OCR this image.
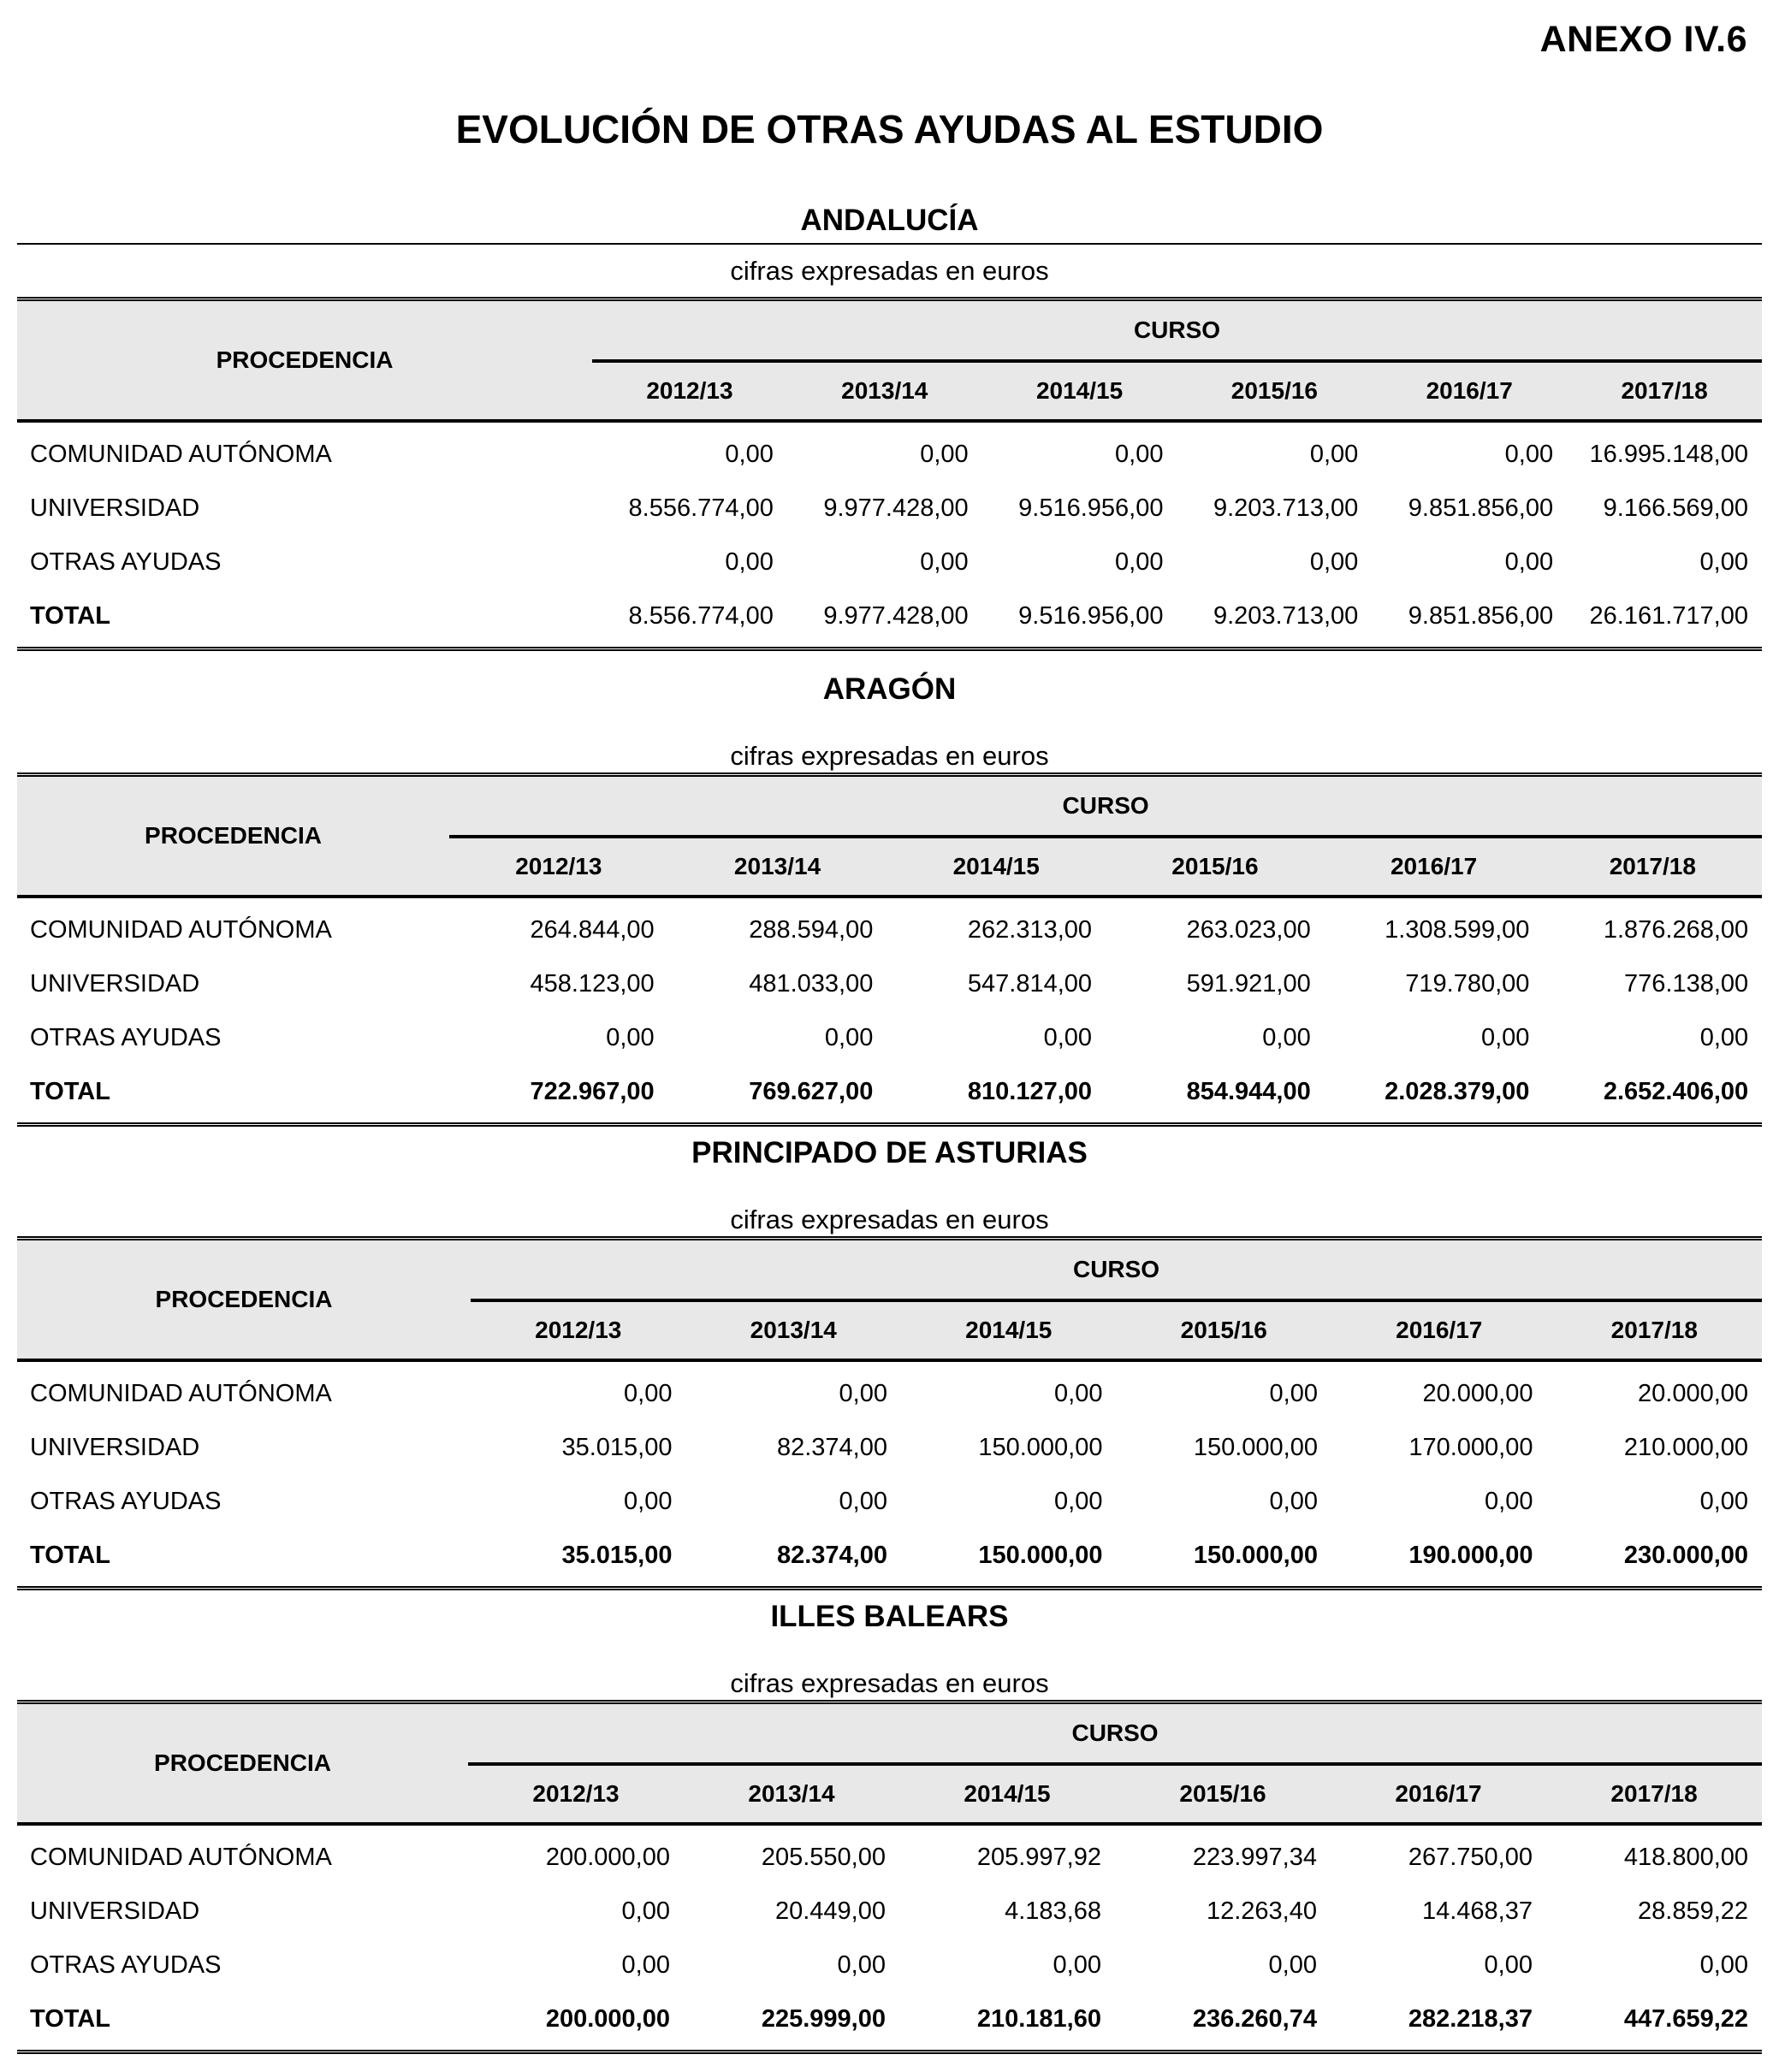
ANEXO IV.6
EVOLUCIÓN DE OTRAS AYUDAS AL ESTUDIO
ANDALUCÍA
cifras expresadas en euros
PROCEDENCIA	CURSO					
	2012/13	2013/14	2014/15	2015/16	2016/17	2017/18
COMUNIDAD AUTÓNOMA	0,00	0,00	0,00	0,00	0,00	16.995.148,00
UNIVERSIDAD	8.556.774,00	9.977.428,00	9.516.956,00	9.203.713,00	9.851.856,00	9.166.569,00
OTRAS AYUDAS	0,00	0,00	0,00	0,00	0,00	0,00
TOTAL	8.556.774,00	9.977.428,00	9.516.956,00	9.203.713,00	9.851.856,00	26.161.717,00
ARAGÓN
cifras expresadas en euros
PROCEDENCIA	CURSO					
	2012/13	2013/14	2014/15	2015/16	2016/17	2017/18
COMUNIDAD AUTÓNOMA	264.844,00	288.594,00	262.313,00	263.023,00	1.308.599,00	1.876.268,00
UNIVERSIDAD	458.123,00	481.033,00	547.814,00	591.921,00	719.780,00	776.138,00
OTRAS AYUDAS	0,00	0,00	0,00	0,00	0,00	0,00
TOTAL	722.967,00	769.627,00	810.127,00	854.944,00	2.028.379,00	2.652.406,00
PRINCIPADO DE ASTURIAS
cifras expresadas en euros
PROCEDENCIA	CURSO					
	2012/13	2013/14	2014/15	2015/16	2016/17	2017/18
COMUNIDAD AUTÓNOMA	0,00	0,00	0,00	0,00	20.000,00	20.000,00
UNIVERSIDAD	35.015,00	82.374,00	150.000,00	150.000,00	170.000,00	210.000,00
OTRAS AYUDAS	0,00	0,00	0,00	0,00	0,00	0,00
TOTAL	35.015,00	82.374,00	150.000,00	150.000,00	190.000,00	230.000,00
ILLES BALEARS
cifras expresadas en euros
PROCEDENCIA	CURSO					
	2012/13	2013/14	2014/15	2015/16	2016/17	2017/18
COMUNIDAD AUTÓNOMA	200.000,00	205.550,00	205.997,92	223.997,34	267.750,00	418.800,00
UNIVERSIDAD	0,00	20.449,00	4.183,68	12.263,40	14.468,37	28.859,22
OTRAS AYUDAS	0,00	0,00	0,00	0,00	0,00	0,00
TOTAL	200.000,00	225.999,00	210.181,60	236.260,74	282.218,37	447.659,22
